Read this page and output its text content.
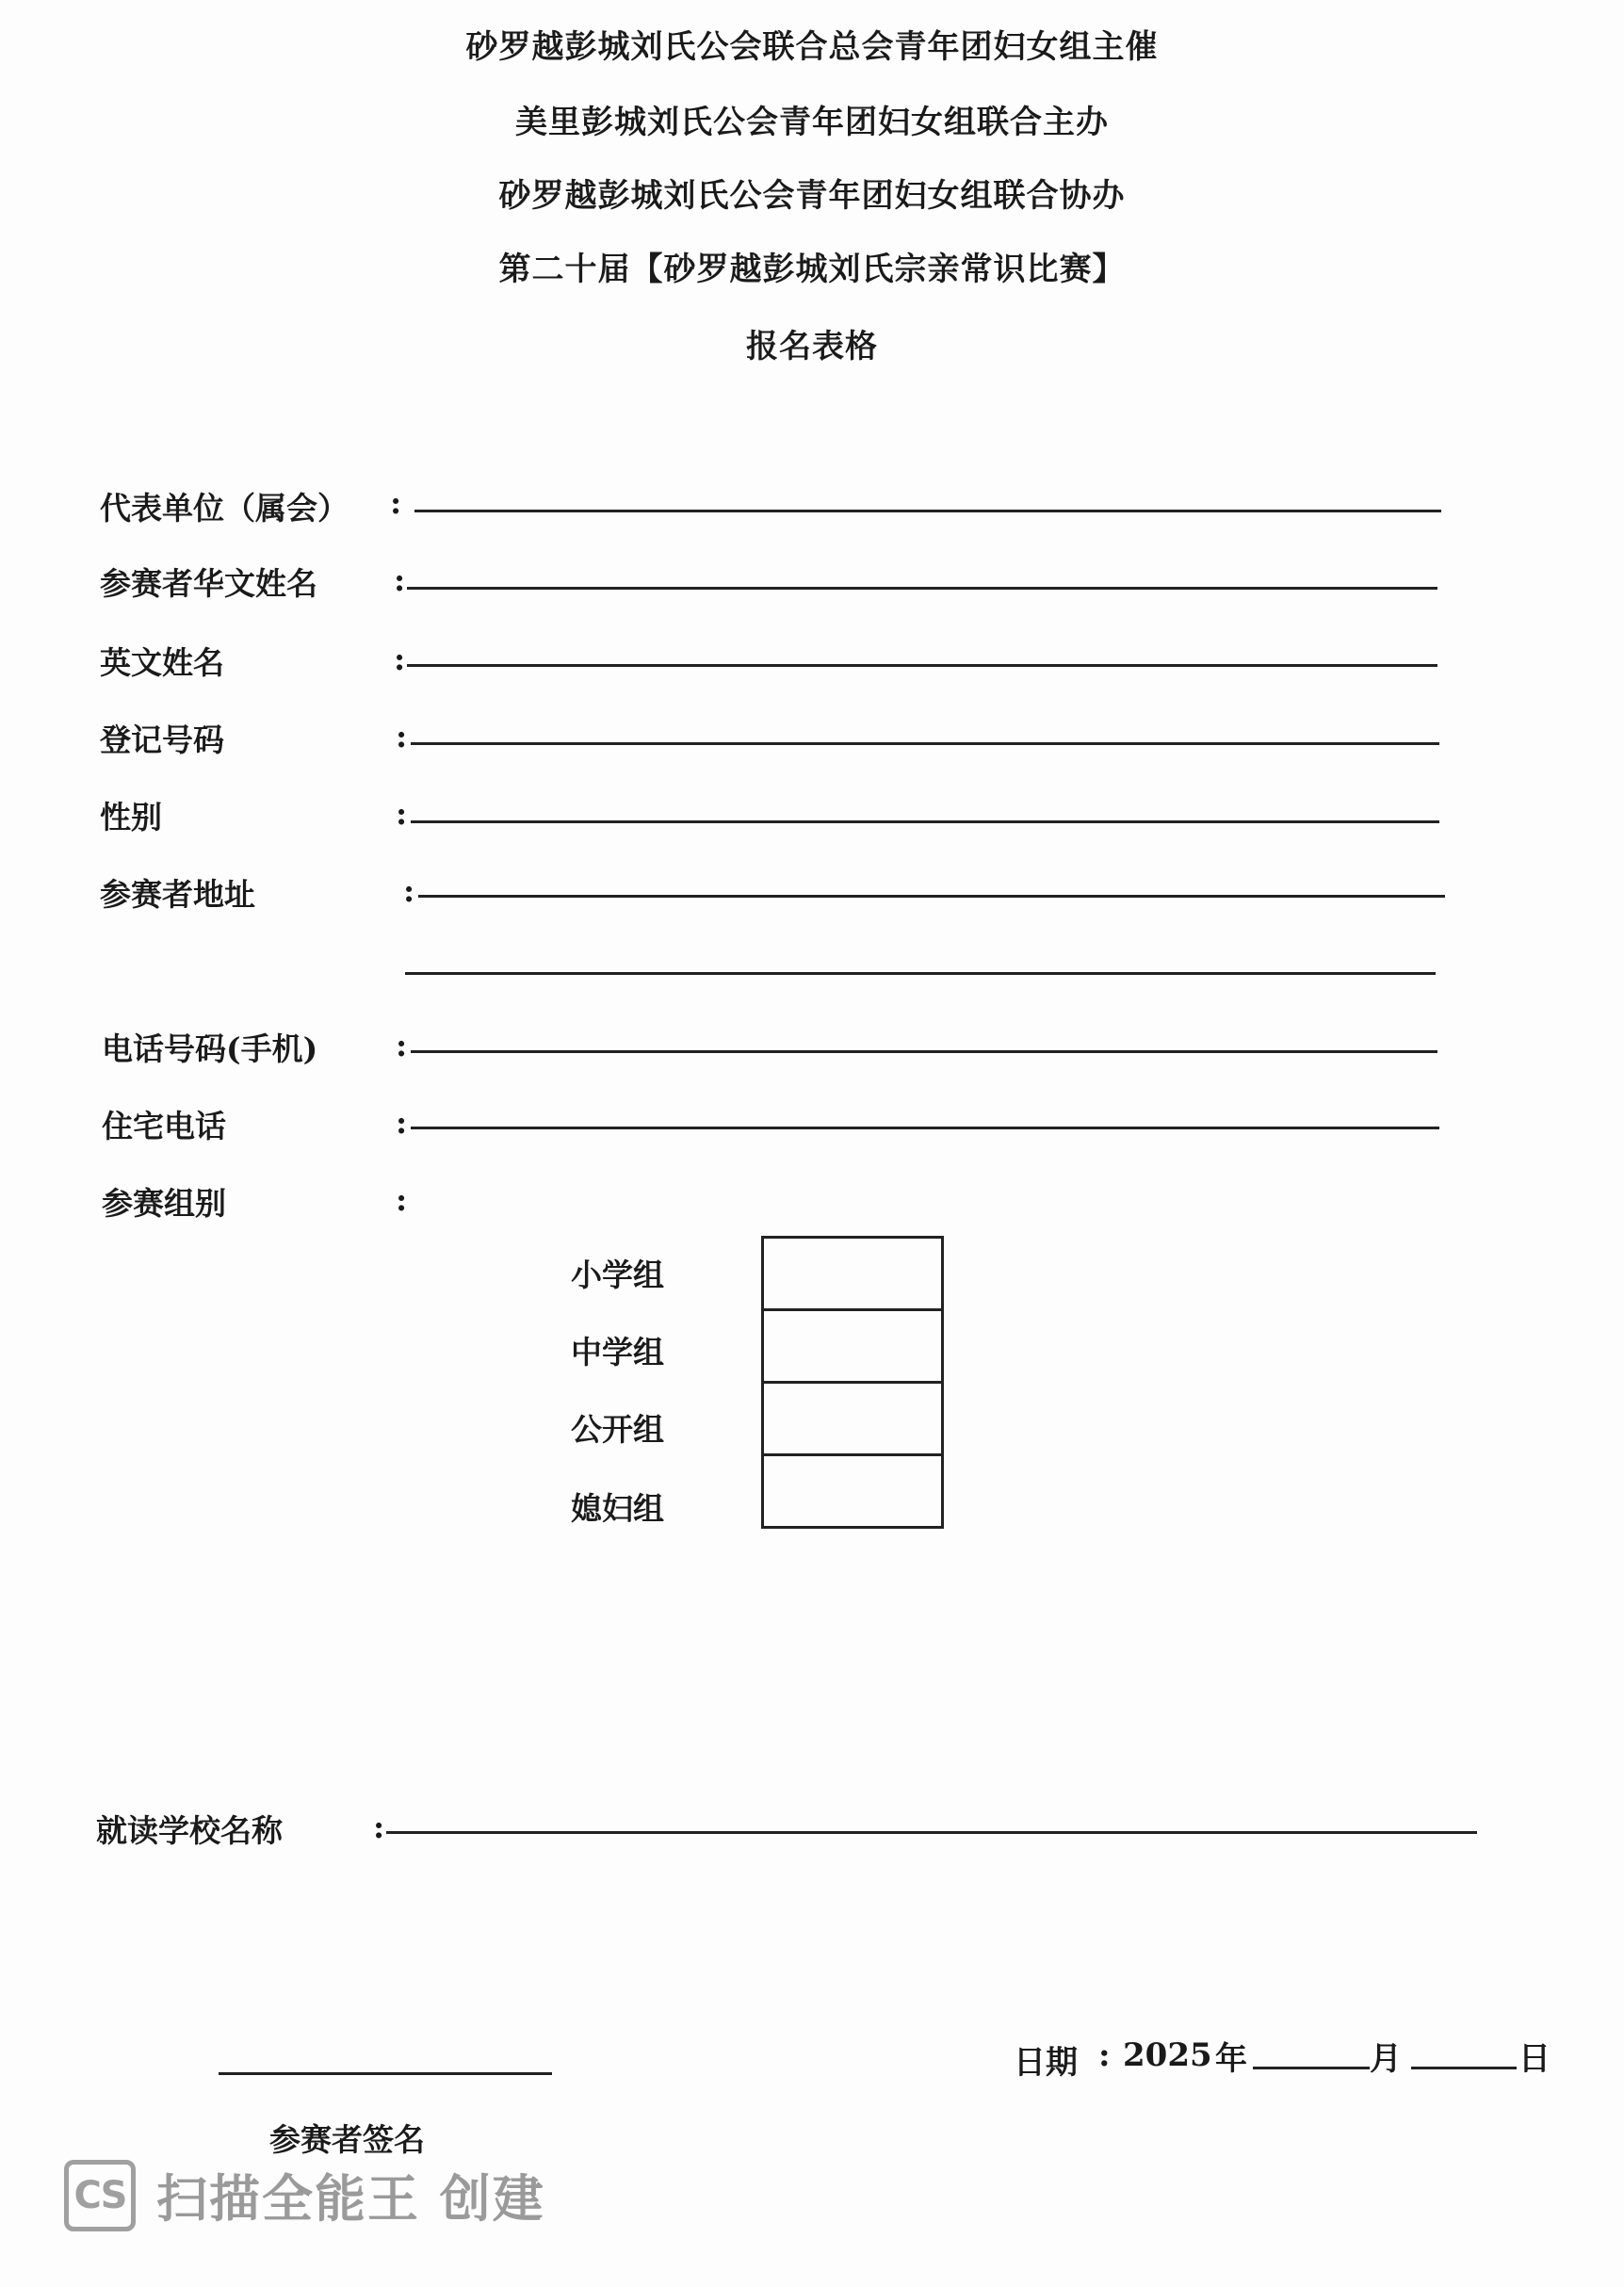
砂罗越彭城刘氏公会联合总会青年团妇女组主催
美里彭城刘氏公会青年团妇女组联合主办
砂罗越彭城刘氏公会青年团妇女组联合协办
第二十届【砂罗越彭城刘氏宗亲常识比赛】
报名表格
代表单位（属会） :
参赛者华文姓名 :
英文姓名	:
登记号码	:
性别	:
参赛者地址	:
电话号码(手机)	:
住宅电话	:
参赛组别	:
小学组
中学组
公开组
媳妇组
就读学校名称	:
参赛者签名
日期 : 2025 年	月	日
CS 扫描全能王 创建
